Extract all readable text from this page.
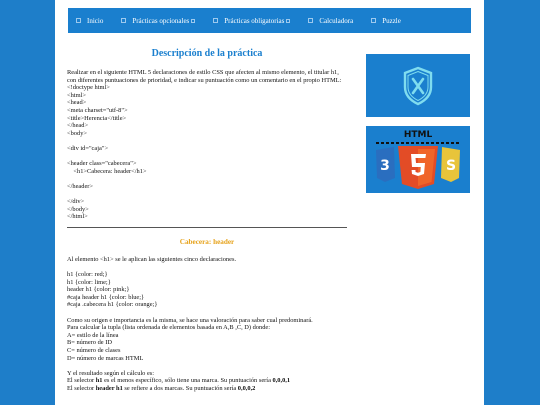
Inicio	Prácticas opcionales	Prácticas obligatorias	Calculadora	Puzzle
Descripción de la práctica
Realizar en el siguiente HTML 5 declaraciones de estilo CSS que afecten al mismo elemento, el titular h1, con diferentes puntuaciones de prioridad, e indicar su puntuación como un comentario en el propio HTML:
<!doctype html>
<html>
<head>
<meta charset="utf-8">
<title>Herencia</title>
</head>
<body>

<div id="caja">

<header class="cabecera">
<h1>Cabecera: header</h1>

</header>

</div>
</body>
</html>
Cabecera: header
Al elemento <h1> se le aplican las siguientes cinco declaraciones.

h1 {color: red;}
h1 {color: lime;}
header h1 {color: pink;}
#caja header h1 {color: blue;}
#caja .cabecera h1 {color: orange;}

Como su origen e importancia es la misma, se hace una valoración para saber cual predominará.
Para calcular la tupla (lista ordenada de elementos basada en A,B ,C, D) donde:
A= estilo de la línea
B= número de ID
C= número de clases
D= número de marcas HTML

Y el resultado según el cálculo es:

El selector h1 es el menos específico, sólo tiene una marca. Su puntuación sería 0,0,0,1
El selector header h1 se refiere a dos marcas. Su puntuación sería 0,0,0,2
HTML
3	S
